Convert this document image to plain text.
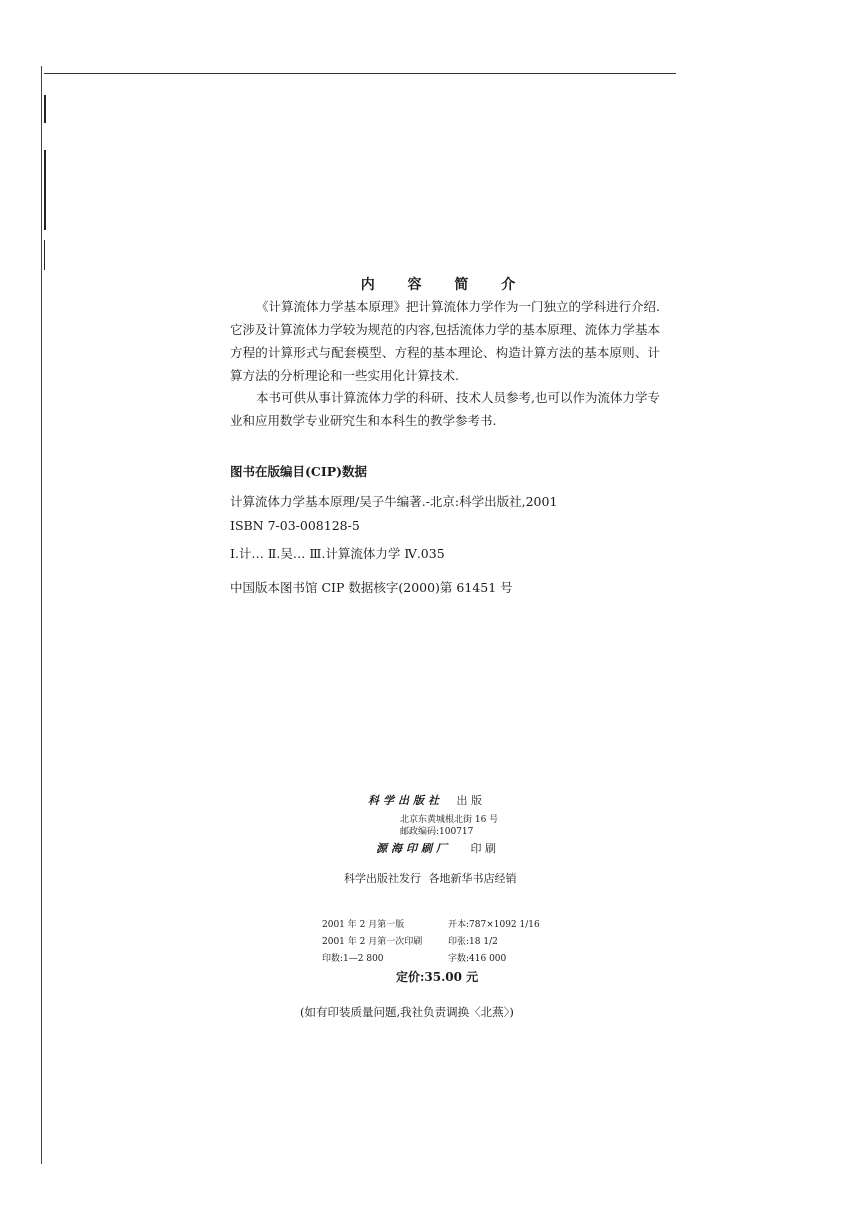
内 容 简 介
《计算流体力学基本原理》把计算流体力学作为一门独立的学科进行介绍.它涉及计算流体力学较为规范的内容,包括流体力学的基本原理、流体力学基本方程的计算形式与配套模型、方程的基本理论、构造计算方法的基本原则、计算方法的分析理论和一些实用化计算技术.
本书可供从事计算流体力学的科研、技术人员参考,也可以作为流体力学专业和应用数学专业研究生和本科生的教学参考书.
图书在版编目(CIP)数据
计算流体力学基本原理/吴子牛编著.-北京:科学出版社,2001
ISBN 7-03-008128-5
Ⅰ.计… Ⅱ.吴… Ⅲ.计算流体力学 Ⅳ.035
中国版本图书馆 CIP 数据核字(2000)第 61451 号
科学出版社 出 版
北京东黄城根北街 16 号
邮政编码:100717
源海印刷厂 印 刷
科学出版社发行 各地新华书店经销
2001 年 2 月第一版	开本:787×1092 1/16
2001 年 2 月第一次印刷	印张:18 1/2
印数:1—2 800	字数:416 000
定价:35.00 元
(如有印装质量问题,我社负责调换〈北燕〉)
